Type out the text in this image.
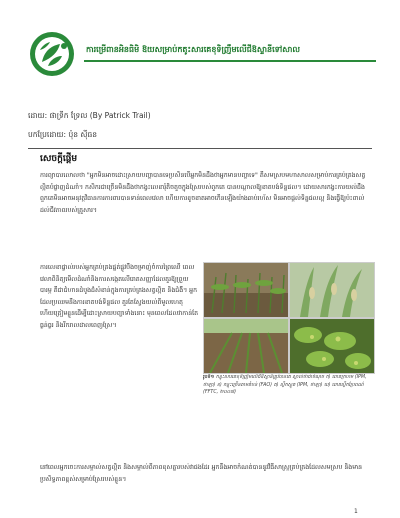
ការម្រើពានអិនធិមិ ឱយសម្រាប់កតូះសារគេខុទិញ្រឹមលើជីឱស្ទានីទៅសាល
ដោយ: ផាទ្រីក ទ្រែល (By Patrick Trail)
បកប្រែដោយ: ប៉ុន សុីធន
សេចក្តីផ្តើម
ការព្យាបារលោលថា "អ្នកមិនអាចដោះស្រាយបញ្ហាបានទេប្រសិនបើអ្នកមិនដឹងថាអ្នកមានបញ្ហាទេ" គឺសមស្របមហាសាលសម្រាប់ការគ្រប់គ្រងសត្វល្អិតបំផ្លាញដំណាំ។ កសិករជាច្រើនមិនដឹងថាកង្វះលេខារុំតិចតួចក្នុងស្រែរបស់ពួកគេ បានបណ្ដាលឱ្យខាតបង់ទិន្នផល។ ដោយសារកង្វះការយល់ដឹង ពួកគេមិនអាចអនុវត្តវិធានការការពារបានទាន់ពេលវេលា ហើយការខូចខាតអាចកើនឡើងយ៉ាងឆាប់រហ័ស មិនអាចផ្ដល់ទិន្នផលល្អ និងធ្វើឱ្យប៉ះពាល់ដល់ជីវភាពរបស់គ្រួសារ។
ការលេខាផ្ទាល់របស់អ្នកគ្រប់គ្រងផ្នត់ផ្លូវបឹងចម្រាញ់ចំការព្រៃឈើ ពេលវេលាពិនិត្យមើលដំណាំនិងការសង្កេតលើរោគសញ្ញាដែលគួរឱ្យព្រួយបារម្ភ គឺជាជំហានដំបូងដ៏សំខាន់ក្នុងការគ្រប់គ្រងសត្វល្អិត និងជំងឺ។ អ្នកដែលប្រឈមនឹងការខាតបង់ទិន្នផល គួរតែស្វែងយល់ពីមូលហេតុ ហើយត្រៀមខ្លួនដើម្បីដោះស្រាយបញ្ហាទាំងនោះ មុនពេលដែលវាកាន់តែធ្ងន់ធ្ងរ និងរីករាលដាលពេញស្រែ។
រូបទី១ កន្ទុះសារគេខុទិញ្រឹមលើជីឱស្ទានីត្រូវបានគេ ស្គាល់ថាជាចំណុច ក) ពោតក្រហម (IPM, ថាឡា) ខ) កន្ទុះច្រើនតាមតំបន់ (FAO) គ) ស្លឹកស្ងួត (IPM, ថាឡា) ឃ) ពោតស្លឹកប្រែពណ៌ (FFTC, ២០០៧)
នៅពេលអ្នកចេះការសម្គាល់សត្វល្អិត និងសម្គាល់ពីភាពខុសគ្នារបស់វាផងដែរ អ្នកនឹងអាចកំណត់បាននូវវិធីសាស្ត្រគ្រប់គ្រងដែលសមស្រប និងមានប្រសិទ្ធភាពខ្ពស់សម្រាប់ស្រែរបស់ខ្លួន។
1
